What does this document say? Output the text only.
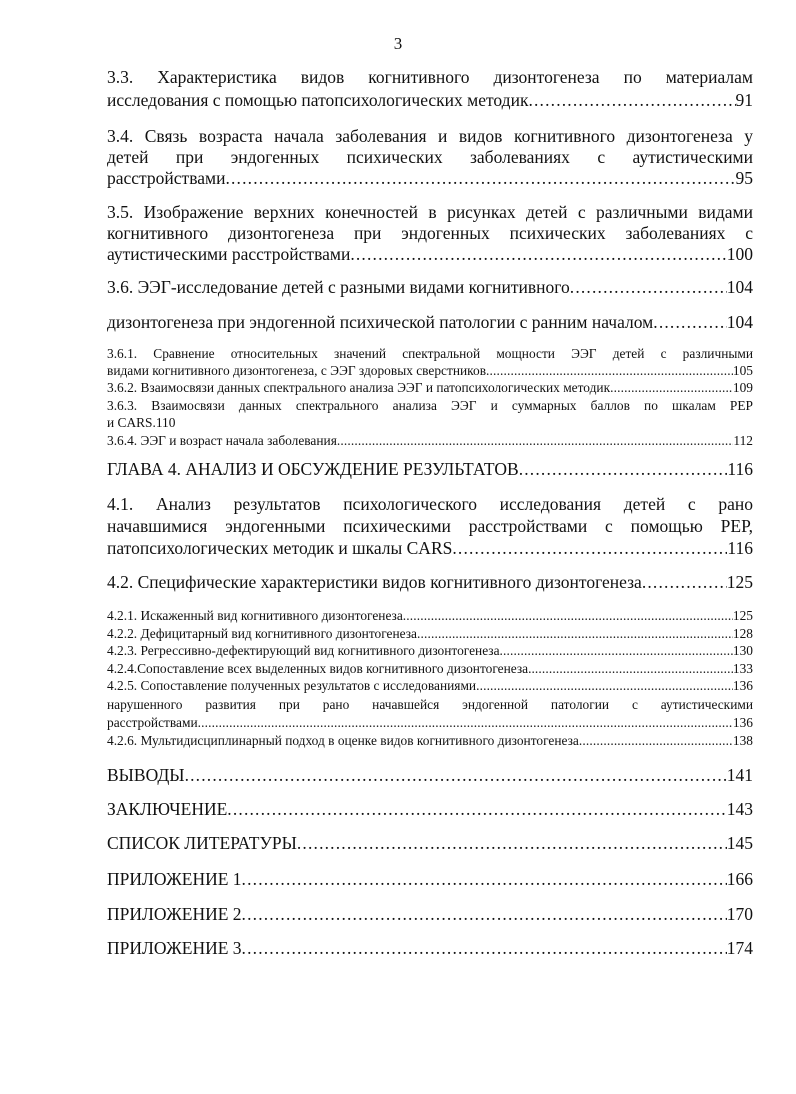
3
3.3. Характеристика видов когнитивного дизонтогенеза по материалам
исследования с помощью патопсихологических методик . . .	91
3.4. Связь возраста начала заболевания и видов когнитивного дизонтогенеза у
детей при эндогенных психических заболеваниях с аутистическими
расстройствами . . .	95
3.5. Изображение верхних конечностей в рисунках детей с различными видами
когнитивного дизонтогенеза при эндогенных психических заболеваниях с
аутистическими расстройствами . . .	100
3.6. ЭЭГ-исследование детей с разными видами когнитивного . . .	104
дизонтогенеза при эндогенной психической патологии с ранним началом . . .	104
3.6.1. Сравнение относительных значений спектральной мощности ЭЭГ детей с различными
видами когнитивного дизонтогенеза, с ЭЭГ здоровых сверстников . . .	105
3.6.2. Взаимосвязи данных спектрального анализа ЭЭГ и патопсихологических методик . . .	109
3.6.3. Взаимосвязи данных спектрального анализа ЭЭГ и суммарных баллов по шкалам РЕР
и CARS.110
3.6.4. ЭЭГ и возраст начала заболевания . . .	112
ГЛАВА 4. АНАЛИЗ И ОБСУЖДЕНИЕ РЕЗУЛЬТАТОВ . . .	116
4.1. Анализ результатов психологического исследования детей с рано
начавшимися эндогенными психическими расстройствами с помощью РЕР,
патопсихологических методик и шкалы CARS . . .	116
4.2. Специфические характеристики видов когнитивного дизонтогенеза . . .	125
4.2.1. Искаженный вид когнитивного дизонтогенеза . . .	125
4.2.2. Дефицитарный вид когнитивного дизонтогенеза . . .	128
4.2.3. Регрессивно-дефектирующий вид когнитивного дизонтогенеза . . .	130
4.2.4.Сопоставление всех выделенных видов когнитивного дизонтогенеза. . . .	133
4.2.5. Сопоставление полученных результатов с исследованиями . . .	136
нарушенного развития при рано начавшейся эндогенной патологии с аутистическими
расстройствами . . .	136
4.2.6. Мультидисциплинарный подход в оценке видов когнитивного дизонтогенеза . . .	138
ВЫВОДЫ . . .	141
ЗАКЛЮЧЕНИЕ . . .	143
СПИСОК ЛИТЕРАТУРЫ . . .	145
ПРИЛОЖЕНИЕ 1 . . .	166
ПРИЛОЖЕНИЕ 2 . . .	170
ПРИЛОЖЕНИЕ 3 . . .	174
